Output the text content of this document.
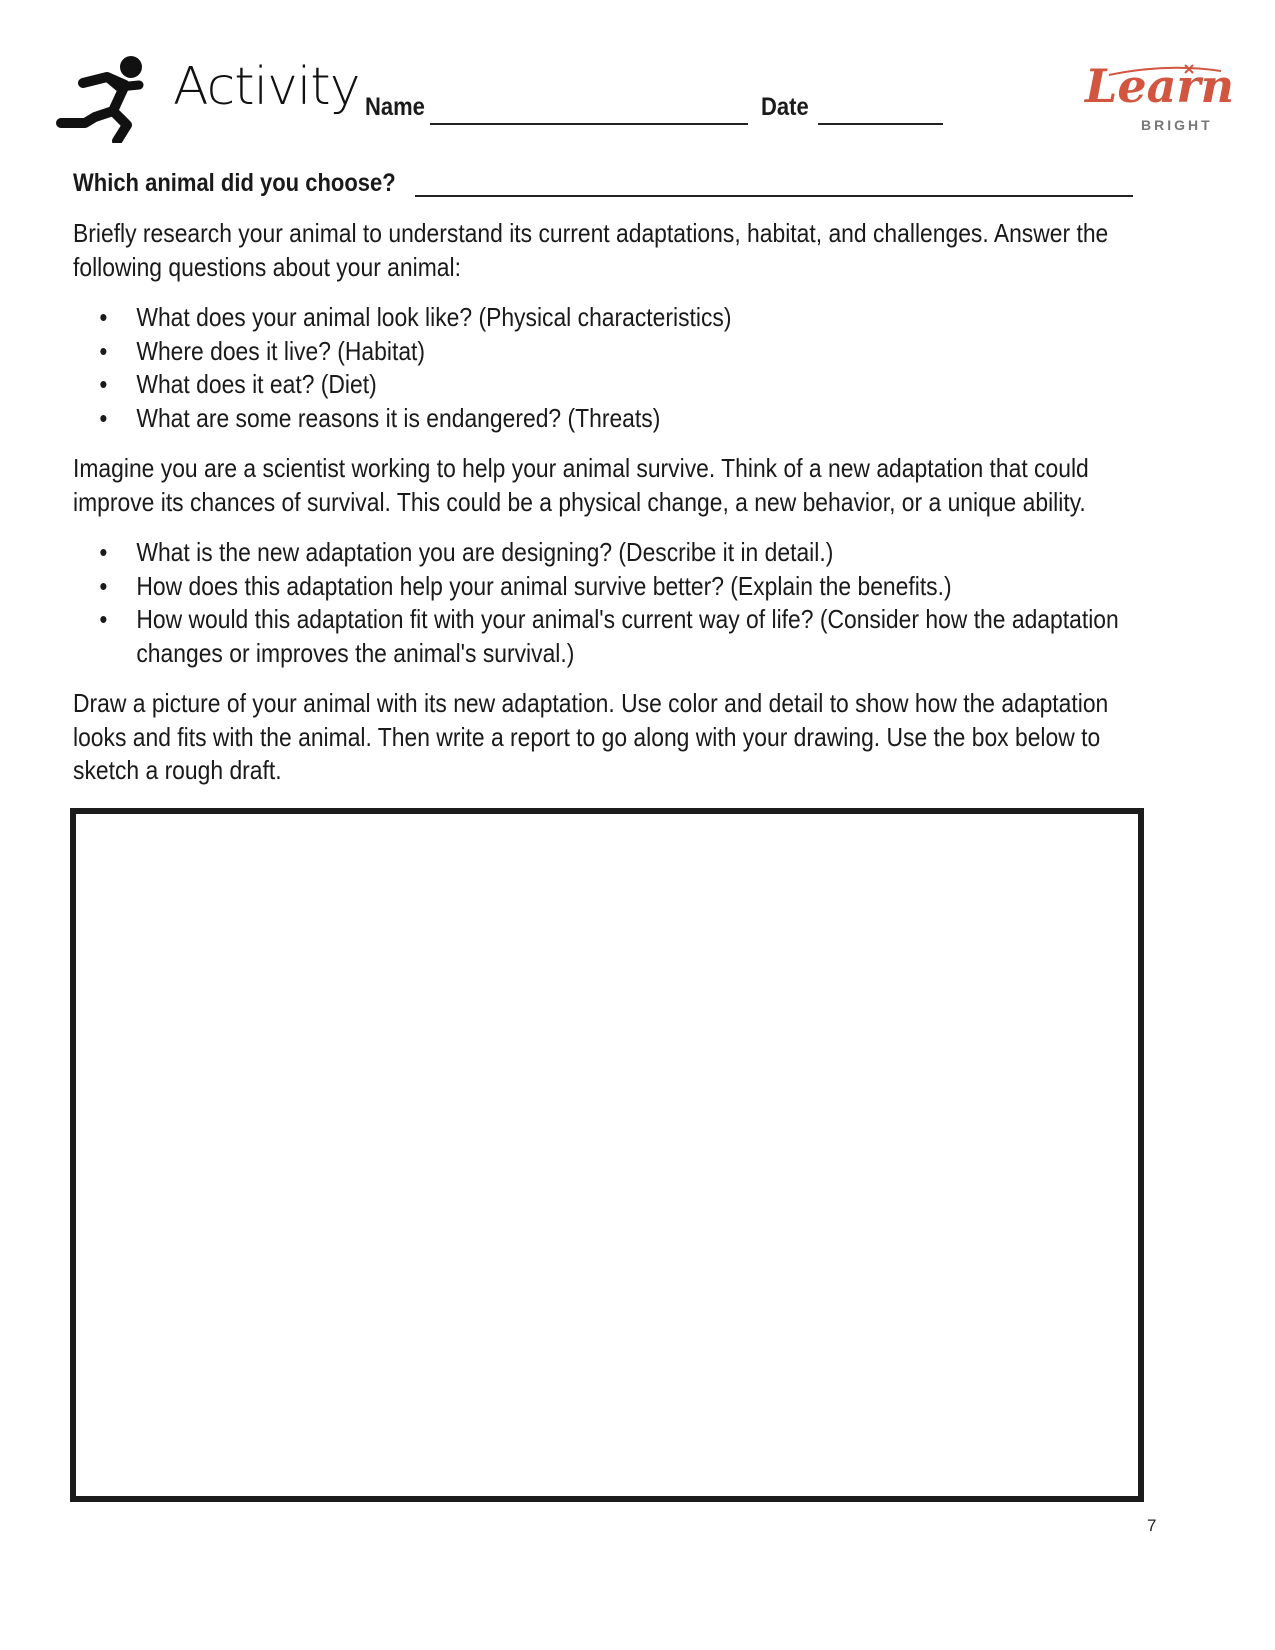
Activity Name	Date	Learn
BRIGHT
Which animal did you choose?

Briefly research your animal to understand its current adaptations, habitat, and challenges. Answer the following questions about your animal:

• What does your animal look like? (Physical characteristics)
• Where does it live? (Habitat)
• What does it eat? (Diet)
• What are some reasons it is endangered? (Threats)

Imagine you are a scientist working to help your animal survive. Think of a new adaptation that could improve its chances of survival. This could be a physical change, a new behavior, or a unique ability.

• What is the new adaptation you are designing? (Describe it in detail.)
• How does this adaptation help your animal survive better? (Explain the benefits.)
• How would this adaptation fit with your animal's current way of life? (Consider how the adaptation changes or improves the animal's survival.)

Draw a picture of your animal with its new adaptation. Use color and detail to show how the adaptation looks and fits with the animal. Then write a report to go along with your drawing. Use the box below to sketch a rough draft.

7
